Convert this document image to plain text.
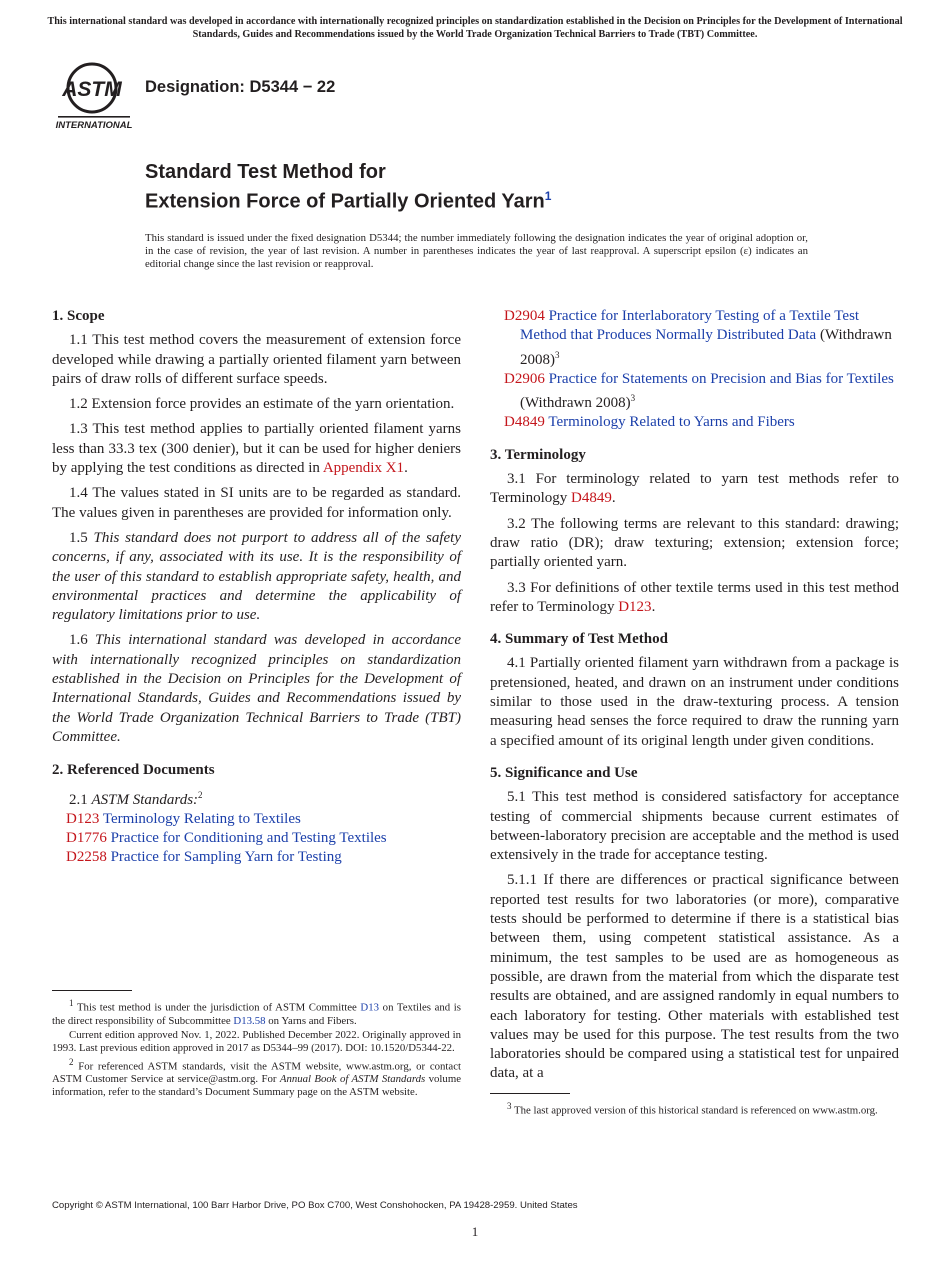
This international standard was developed in accordance with internationally recognized principles on standardization established in the Decision on Principles for the Development of International Standards, Guides and Recommendations issued by the World Trade Organization Technical Barriers to Trade (TBT) Committee.
ASTM
INTERNATIONAL
Designation: D5344 − 22
Standard Test Method for
Extension Force of Partially Oriented Yarn$^1$
This standard is issued under the fixed designation D5344; the number immediately following the designation indicates the year of original adoption or, in the case of revision, the year of last revision. A number in parentheses indicates the year of last reapproval. A superscript epsilon (ε) indicates an editorial change since the last revision or reapproval.
1. Scope

1.1 This test method covers the measurement of extension force developed while drawing a partially oriented filament yarn between pairs of draw rolls of different surface speeds.

1.2 Extension force provides an estimate of the yarn orientation.

1.3 This test method applies to partially oriented filament yarns less than 33.3 tex (300 denier), but it can be used for higher deniers by applying the test conditions as directed in Appendix X1.

1.4 The values stated in SI units are to be regarded as standard. The values given in parentheses are provided for information only.

1.5 This standard does not purport to address all of the safety concerns, if any, associated with its use. It is the responsibility of the user of this standard to establish appropriate safety, health, and environmental practices and determine the applicability of regulatory limitations prior to use.

1.6 This international standard was developed in accordance with internationally recognized principles on standardization established in the Decision on Principles for the Development of International Standards, Guides and Recommendations issued by the World Trade Organization Technical Barriers to Trade (TBT) Committee.

2. Referenced Documents

2.1 ASTM Standards:$^2$

D123 Terminology Relating to Textiles
D1776 Practice for Conditioning and Testing Textiles
D2258 Practice for Sampling Yarn for Testing

$^1$ This test method is under the jurisdiction of ASTM Committee D13 on Textiles and is the direct responsibility of Subcommittee D13.58 on Yarns and Fibers.

Current edition approved Nov. 1, 2022. Published December 2022. Originally approved in 1993. Last previous edition approved in 2017 as D5344–99 (2017). DOI: 10.1520/D5344-22.

$^2$ For referenced ASTM standards, visit the ASTM website, www.astm.org, or contact ASTM Customer Service at service@astm.org. For Annual Book of ASTM Standards volume information, refer to the standard’s Document Summary page on the ASTM website.

D2904 Practice for Interlaboratory Testing of a Textile Test Method that Produces Normally Distributed Data (Withdrawn 2008)$^3$
D2906 Practice for Statements on Precision and Bias for Textiles (Withdrawn 2008)$^3$
D4849 Terminology Related to Yarns and Fibers
3. Terminology

3.1 For terminology related to yarn test methods refer to Terminology D4849.

3.2 The following terms are relevant to this standard: drawing; draw ratio (DR); draw texturing; extension; extension force; partially oriented yarn.

3.3 For definitions of other textile terms used in this test method refer to Terminology D123.

4. Summary of Test Method

4.1 Partially oriented filament yarn withdrawn from a package is pretensioned, heated, and drawn on an instrument under conditions similar to those used in the draw-texturing process. A tension measuring head senses the force required to draw the running yarn a specified amount of its original length under given conditions.

5. Significance and Use

5.1 This test method is considered satisfactory for acceptance testing of commercial shipments because current estimates of between-laboratory precision are acceptable and the method is used extensively in the trade for acceptance testing.

5.1.1 If there are differences or practical significance between reported test results for two laboratories (or more), comparative tests should be performed to determine if there is a statistical bias between them, using competent statistical assistance. As a minimum, the test samples to be used are as homogeneous as possible, are drawn from the material from which the disparate test results are obtained, and are assigned randomly in equal numbers to each laboratory for testing. Other materials with established test values may be used for this purpose. The test results from the two laboratories should be compared using a statistical test for unpaired data, at a

$^3$ The last approved version of this historical standard is referenced on www.astm.org.

Copyright © ASTM International, 100 Barr Harbor Drive, PO Box C700, West Conshohocken, PA 19428-2959. United States
1
